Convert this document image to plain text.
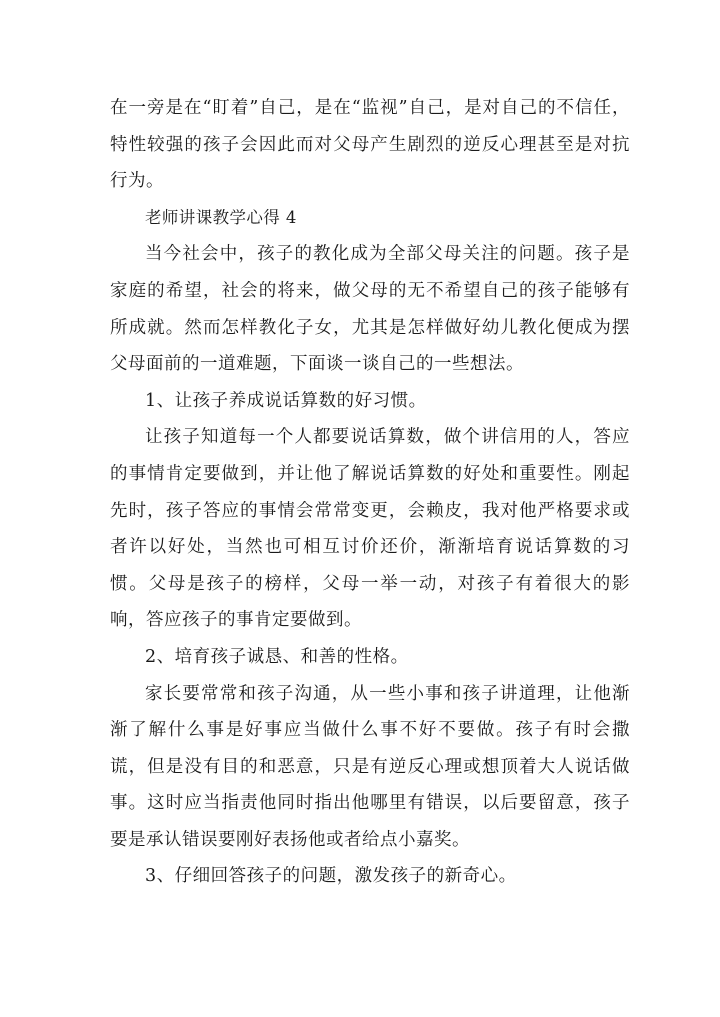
在一旁是在“盯着”自己，是在“监视”自己，是对自己的不信任，特性较强的孩子会因此而对父母产生剧烈的逆反心理甚至是对抗行为。

老师讲课教学心得 4

当今社会中，孩子的教化成为全部父母关注的问题。孩子是家庭的希望，社会的将来，做父母的无不希望自己的孩子能够有所成就。然而怎样教化子女，尤其是怎样做好幼儿教化便成为摆父母面前的一道难题，下面谈一谈自己的一些想法。

1、让孩子养成说话算数的好习惯。

让孩子知道每一个人都要说话算数，做个讲信用的人，答应的事情肯定要做到，并让他了解说话算数的好处和重要性。刚起先时，孩子答应的事情会常常变更，会赖皮，我对他严格要求或者许以好处，当然也可相互讨价还价，渐渐培育说话算数的习惯。父母是孩子的榜样，父母一举一动，对孩子有着很大的影响，答应孩子的事肯定要做到。

2、培育孩子诚恳、和善的性格。

家长要常常和孩子沟通，从一些小事和孩子讲道理，让他渐渐了解什么事是好事应当做什么事不好不要做。孩子有时会撒谎，但是没有目的和恶意，只是有逆反心理或想顶着大人说话做事。这时应当指责他同时指出他哪里有错误，以后要留意，孩子要是承认错误要刚好表扬他或者给点小嘉奖。

3、仔细回答孩子的问题，激发孩子的新奇心。
